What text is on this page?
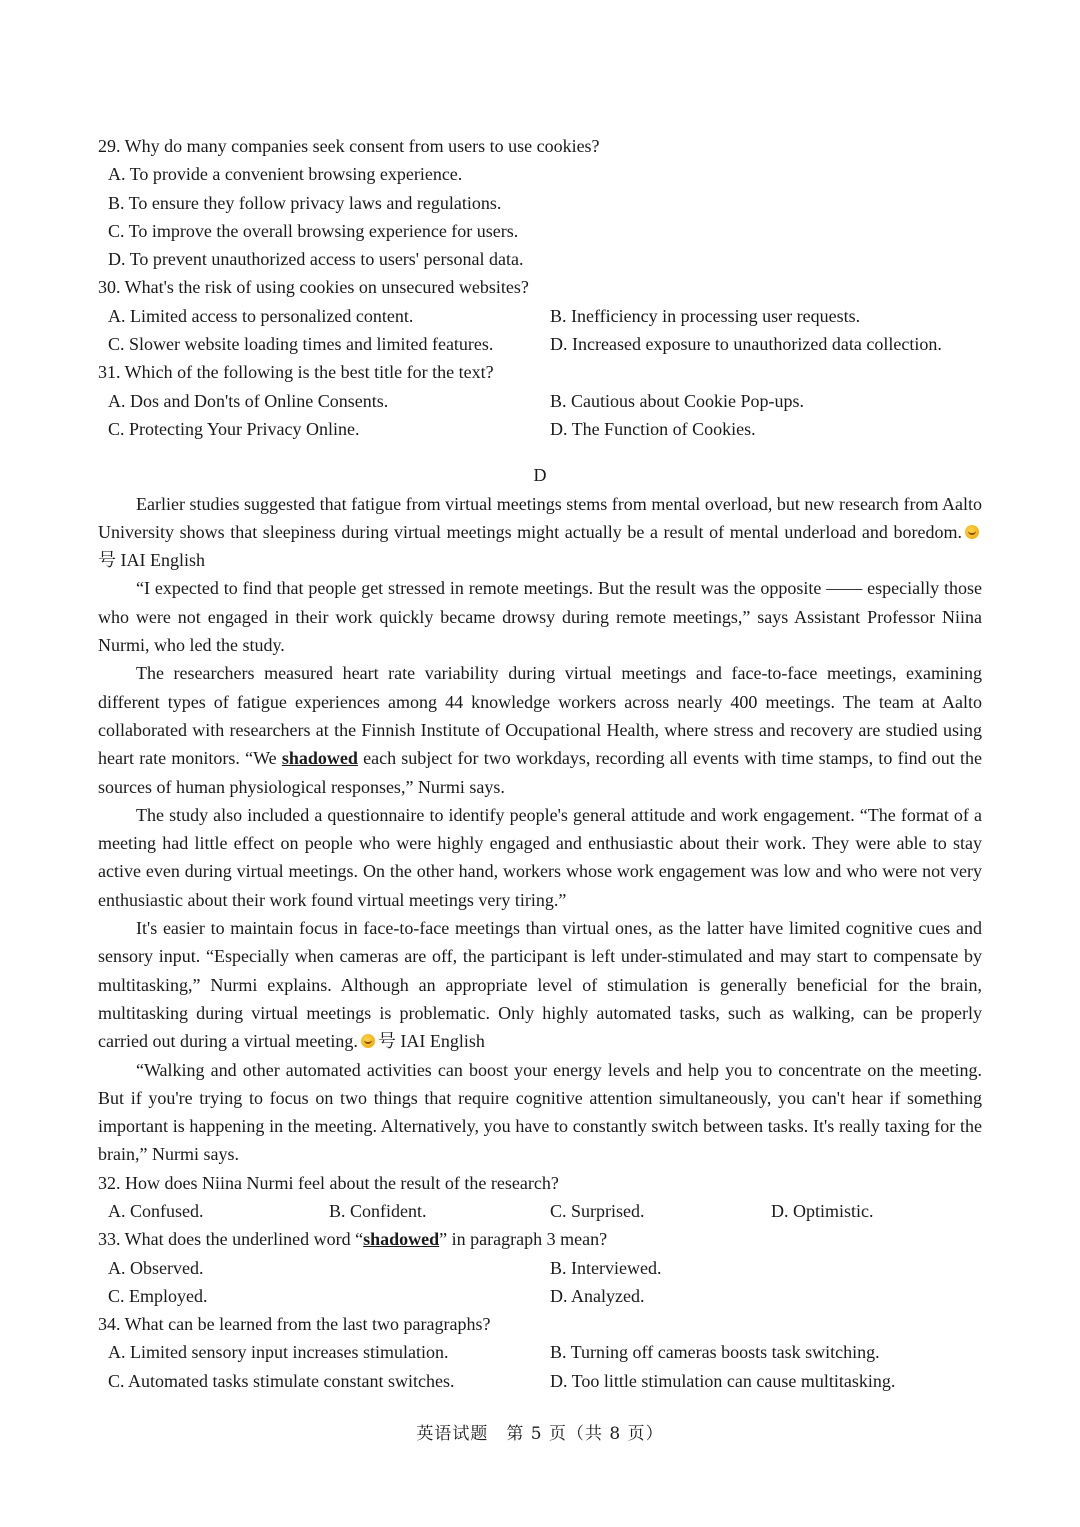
29. Why do many companies seek consent from users to use cookies?

A. To provide a convenient browsing experience.

B. To ensure they follow privacy laws and regulations.

C. To improve the overall browsing experience for users.

D. To prevent unauthorized access to users' personal data.

30. What's the risk of using cookies on unsecured websites?

A. Limited access to personalized content.	B. Inefficiency in processing user requests.
C. Slower website loading times and limited features.	D. Increased exposure to unauthorized data collection.

31. Which of the following is the best title for the text?

A. Dos and Don'ts of Online Consents.	B. Cautious about Cookie Pop-ups.
C. Protecting Your Privacy Online.	D. The Function of Cookies.

D

Earlier studies suggested that fatigue from virtual meetings stems from mental overload, but new research from Aalto University shows that sleepiness during virtual meetings might actually be a result of mental underload and boredom.号 IAI English

“I expected to find that people get stressed in remote meetings. But the result was the opposite —— especially those who were not engaged in their work quickly became drowsy during remote meetings,” says Assistant Professor Niina Nurmi, who led the study.

The researchers measured heart rate variability during virtual meetings and face-to-face meetings, examining different types of fatigue experiences among 44 knowledge workers across nearly 400 meetings. The team at Aalto collaborated with researchers at the Finnish Institute of Occupational Health, where stress and recovery are studied using heart rate monitors. “We shadowed each subject for two workdays, recording all events with time stamps, to find out the sources of human physiological responses,” Nurmi says.

The study also included a questionnaire to identify people's general attitude and work engagement. “The format of a meeting had little effect on people who were highly engaged and enthusiastic about their work. They were able to stay active even during virtual meetings. On the other hand, workers whose work engagement was low and who were not very enthusiastic about their work found virtual meetings very tiring.”

It's easier to maintain focus in face-to-face meetings than virtual ones, as the latter have limited cognitive cues and sensory input. “Especially when cameras are off, the participant is left under-stimulated and may start to compensate by multitasking,” Nurmi explains. Although an appropriate level of stimulation is generally beneficial for the brain, multitasking during virtual meetings is problematic. Only highly automated tasks, such as walking, can be properly carried out during a virtual meeting. 号 IAI English

“Walking and other automated activities can boost your energy levels and help you to concentrate on the meeting. But if you're trying to focus on two things that require cognitive attention simultaneously, you can't hear if something important is happening in the meeting. Alternatively, you have to constantly switch between tasks. It's really taxing for the brain,” Nurmi says.

32. How does Niina Nurmi feel about the result of the research?

A. Confused.	B. Confident.	C. Surprised.	D. Optimistic.

33. What does the underlined word “shadowed” in paragraph 3 mean?

A. Observed.	B. Interviewed.
C. Employed.	D. Analyzed.

34. What can be learned from the last two paragraphs?

A. Limited sensory input increases stimulation.	B. Turning off cameras boosts task switching.
C. Automated tasks stimulate constant switches.	D. Too little stimulation can cause multitasking.
英语试题　第 5 页（共 8 页）
